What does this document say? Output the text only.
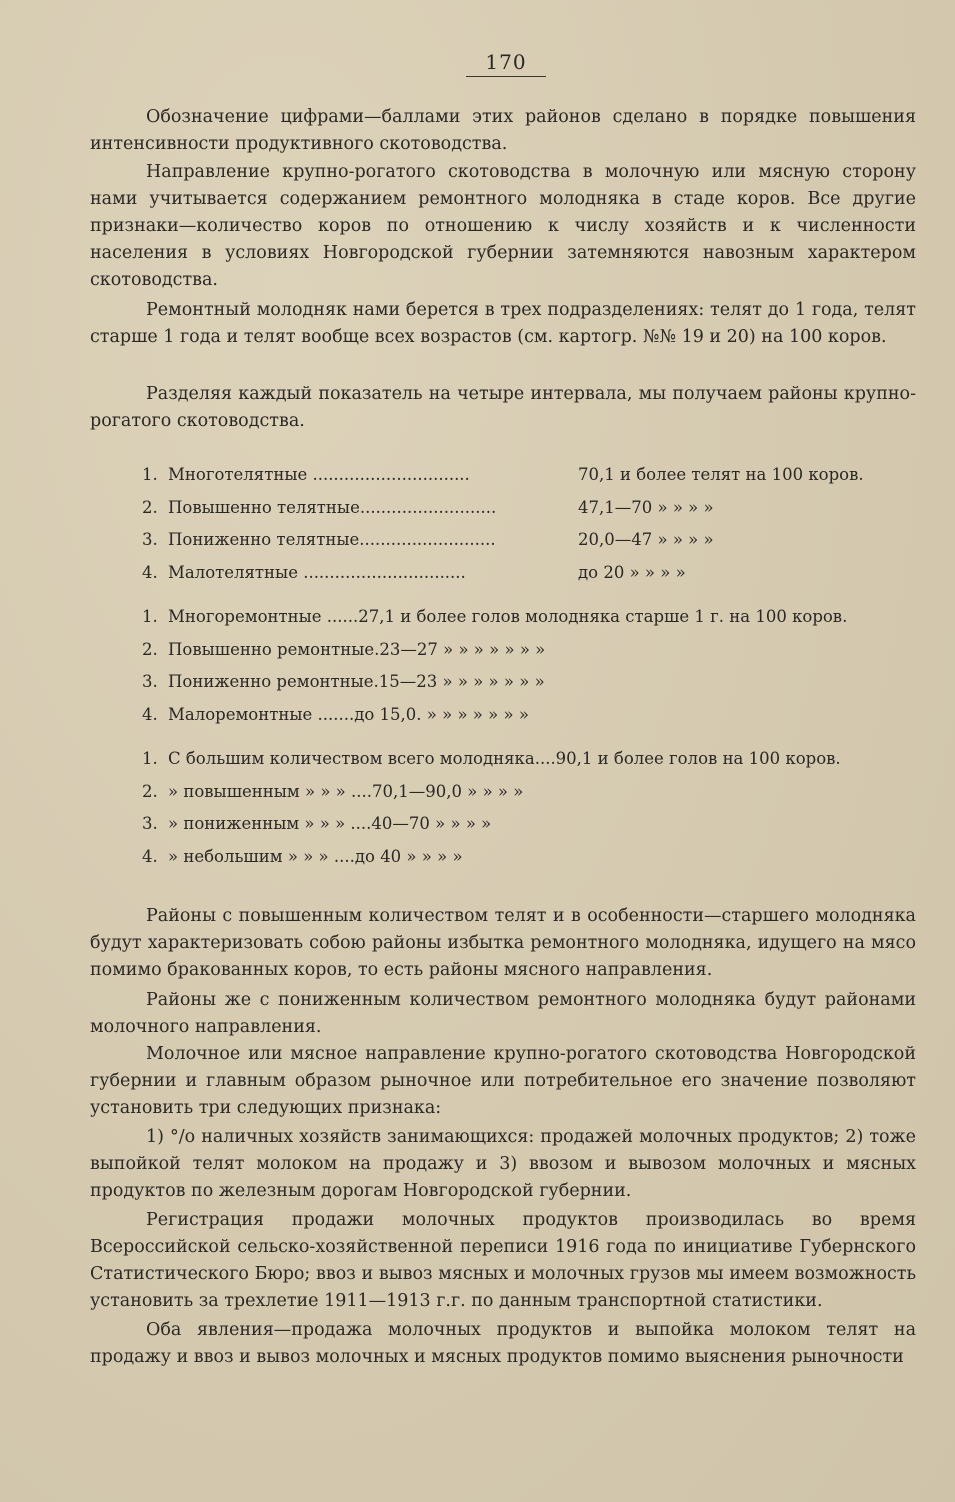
170

Обозначение цифрами—баллами этих районов сделано в порядке повышения интенсивности продуктивного скотоводства.

Направление крупно-рогатого скотоводства в молочную или мясную сторону нами учитывается содержанием ремонтного молодняка в стаде коров. Все другие признаки—количество коров по отношению к числу хозяйств и к численности населения в условиях Новгородской губернии затемняются навозным характером скотоводства.

Ремонтный молодняк нами берется в трех подразделениях: телят до 1 года, телят старше 1 года и телят вообще всех возрастов (см. картогр. №№ 19 и 20) на 100 коров.

Разделяя каждый показатель на четыре интервала, мы получаем районы крупно-рогатого скотоводства.

1. Многотелятные ..............................	70,1 и более телят на 100 коров.
2. Повышенно телятные..........................	47,1—70 » » » »
3. Пониженно телятные..........................	20,0—47 » » » »
4. Малотелятные ...............................	до 20 » » » »
1. Многоремонтные ......27,1 и более голов молодняка старше 1 г. на 100 коров.
2. Повышенно ремонтные.23—27 » » » » » » »
3. Пониженно ремонтные.15—23 » » » » » » »
4. Малоремонтные .......до 15,0. » » » » » » »
1. С большим количеством всего молодняка....90,1 и более голов на 100 коров.
2. » повышенным » » » ....70,1—90,0 » » » »
3. » пониженным » » » ....40—70 » » » »
4. » небольшим » » » ....до 40 » » » »

Районы с повышенным количеством телят и в особенности—старшего молодняка будут характеризовать собою районы избытка ремонтного молодняка, идущего на мясо помимо бракованных коров, то есть районы мясного направления.

Районы же с пониженным количеством ремонтного молодняка будут районами молочного направления.

Молочное или мясное направление крупно-рогатого скотоводства Новгородской губернии и главным образом рыночное или потребительное его значение позволяют установить три следующих признака:

1) °/о наличных хозяйств занимающихся: продажей молочных продуктов; 2) тоже выпойкой телят молоком на продажу и 3) ввозом и вывозом молочных и мясных продуктов по железным дорогам Новгородской губернии.

Регистрация продажи молочных продуктов производилась во время Всероссийской сельско-хозяйственной переписи 1916 года по инициативе Губернского Статистического Бюро; ввоз и вывоз мясных и молочных грузов мы имеем возможность установить за трехлетие 1911—1913 г.г. по данным транспортной статистики.

Оба явления—продажа молочных продуктов и выпойка молоком телят на продажу и ввоз и вывоз молочных и мясных продуктов помимо выяснения рыночности
